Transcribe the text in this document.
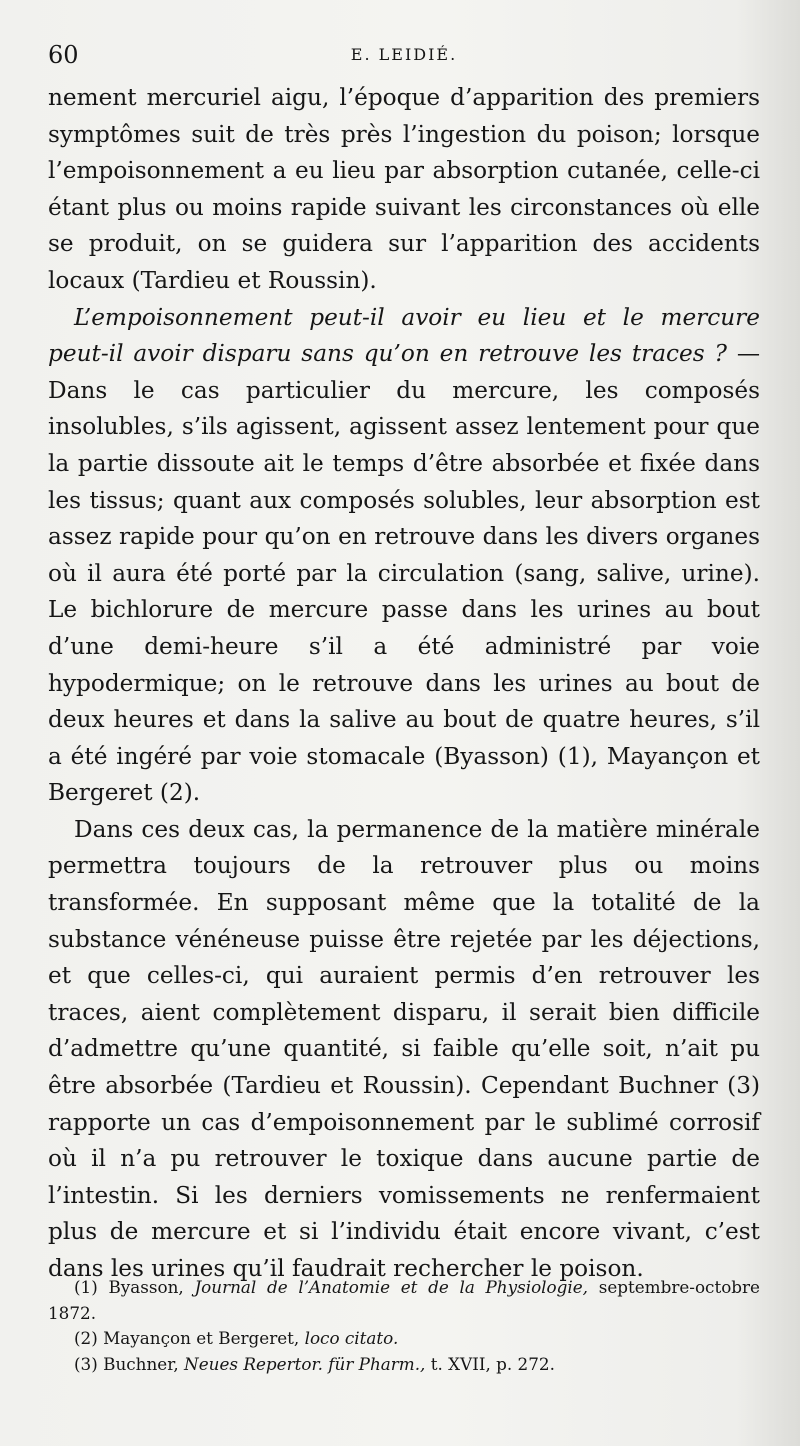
60	E. LEIDIÉ.

nement mercuriel aigu, l’époque d’apparition des premiers symptômes suit de très près l’ingestion du poison; lorsque l’empoisonnement a eu lieu par absorption cutanée, celle-ci étant plus ou moins rapide suivant les circonstances où elle se produit, on se guidera sur l’apparition des accidents locaux (Tardieu et Roussin).

L’empoisonnement peut-il avoir eu lieu et le mercure peut-il avoir disparu sans qu’on en retrouve les traces ? — Dans le cas particulier du mercure, les composés insolubles, s’ils agissent, agissent assez lentement pour que la partie dissoute ait le temps d’être absorbée et fixée dans les tissus; quant aux composés solubles, leur absorption est assez rapide pour qu’on en retrouve dans les divers organes où il aura été porté par la circulation (sang, salive, urine). Le bichlorure de mercure passe dans les urines au bout d’une demi-heure s’il a été administré par voie hypodermique; on le retrouve dans les urines au bout de deux heures et dans la salive au bout de quatre heures, s’il a été ingéré par voie stomacale (Byasson) (1), Mayançon et Bergeret (2).

Dans ces deux cas, la permanence de la matière minérale permettra toujours de la retrouver plus ou moins transformée. En supposant même que la totalité de la substance vénéneuse puisse être rejetée par les déjections, et que celles-ci, qui auraient permis d’en retrouver les traces, aient complètement disparu, il serait bien difficile d’admettre qu’une quantité, si faible qu’elle soit, n’ait pu être absorbée (Tardieu et Roussin). Cependant Buchner (3) rapporte un cas d’empoisonnement par le sublimé corrosif où il n’a pu retrouver le toxique dans aucune partie de l’intestin. Si les derniers vomissements ne renfermaient plus de mercure et si l’individu était encore vivant, c’est dans les urines qu’il faudrait rechercher le poison.

(1) Byasson, Journal de l’Anatomie et de la Physiologie, septembre-octobre 1872.

(2) Mayançon et Bergeret, loco citato.

(3) Buchner, Neues Repertor. für Pharm., t. XVII, p. 272.
